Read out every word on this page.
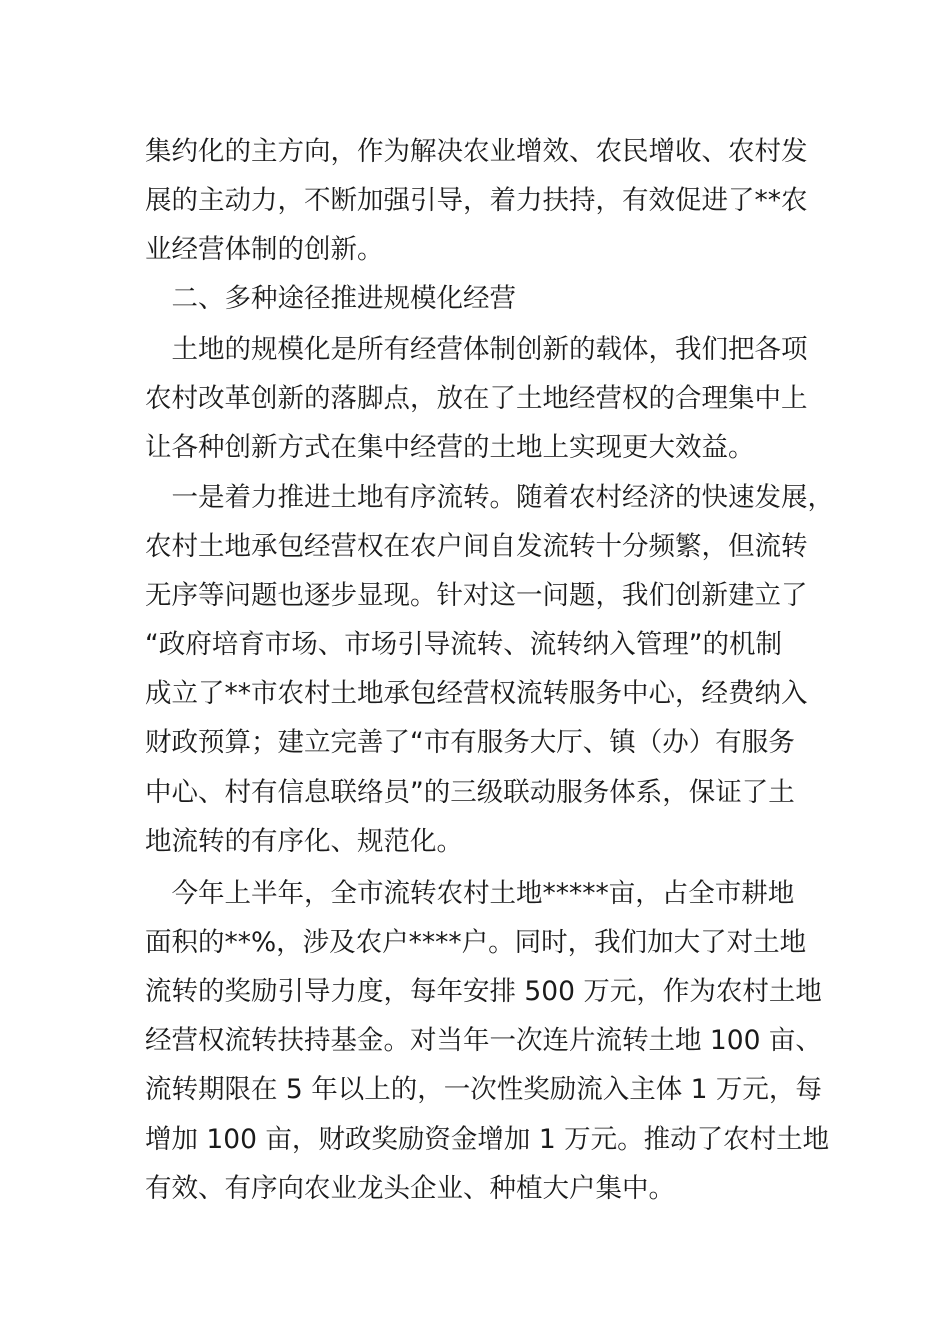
集约化的主方向，作为解决农业增效、农民增收、农村发
展的主动力，不断加强引导，着力扶持，有效促进了**农
业经营体制的创新。
　二、多种途径推进规模化经营
　土地的规模化是所有经营体制创新的载体，我们把各项
农村改革创新的落脚点，放在了土地经营权的合理集中上
让各种创新方式在集中经营的土地上实现更大效益。
　一是着力推进土地有序流转。随着农村经济的快速发展，
农村土地承包经营权在农户间自发流转十分频繁，但流转
无序等问题也逐步显现。针对这一问题，我们创新建立了
“政府培育市场、市场引导流转、流转纳入管理”的机制
成立了**市农村土地承包经营权流转服务中心，经费纳入
财政预算；建立完善了“市有服务大厅、镇（办）有服务
中心、村有信息联络员”的三级联动服务体系，保证了土
地流转的有序化、规范化。
　今年上半年，全市流转农村土地*****亩，占全市耕地
面积的**%，涉及农户****户。同时，我们加大了对土地
流转的奖励引导力度，每年安排 500 万元，作为农村土地
经营权流转扶持基金。对当年一次连片流转土地 100 亩、
流转期限在 5 年以上的，一次性奖励流入主体 1 万元，每
增加 100 亩，财政奖励资金增加 1 万元。推动了农村土地
有效、有序向农业龙头企业、种植大户集中。
